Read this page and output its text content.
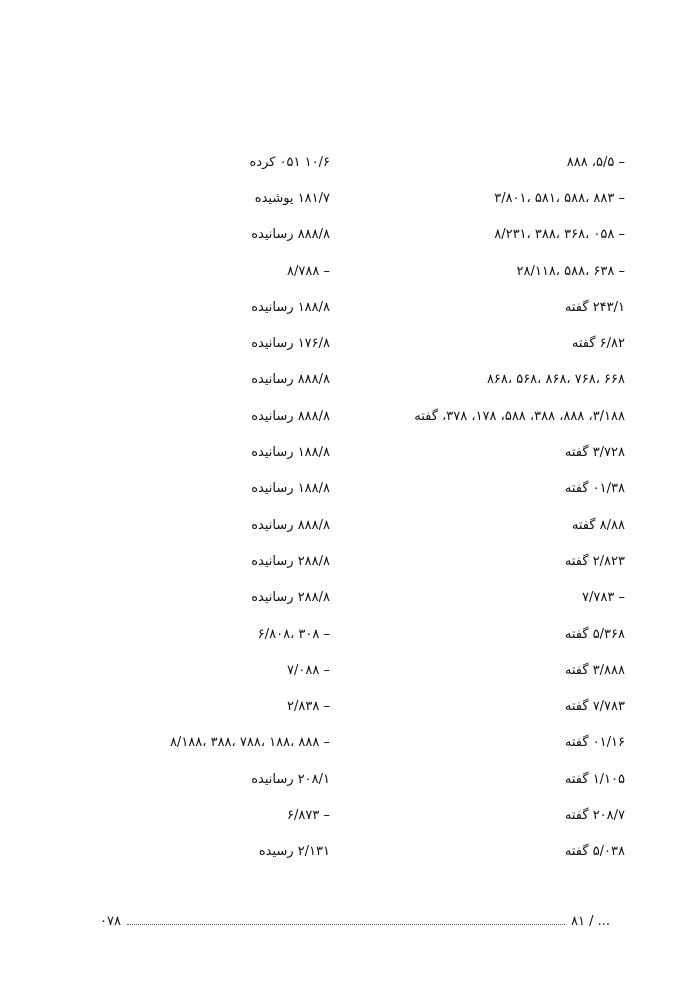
۱۰/۶ ۰۵۱ کرده
۱۸۱/۷ یوشیده
۸۸۸/۸ رسانیده
۸/۷۸۸ –
۱۸۸/۸ رسانیده
۱۷۶/۸ رسانیده
۸۸۸/۸ رسانیده
۸۸۸/۸ رسانیده
۱۸۸/۸ رسانیده
۱۸۸/۸ رسانیده
۸۸۸/۸ رسانیده
۲۸۸/۸ رسانیده
۲۸۸/۸ رسانیده
۶/۸۰۸، ۳۰۸ –
۷/۰۸۸ –
۲/۸۳۸ –
۸/۱۸۸، ۳۸۸، ۷۸۸، ۱۸۸، ۸۸۸ –
۲۰۸/۱ رسانیده
۶/۸۷۳ –
۲/۱۳۱ رسیده
۸۸۸ ،۵/۵ –
۳/۸۰۱، ۵۸۱، ۵۸۸، ۸۸۳ –
۸/۲۳۱، ۳۸۸، ۳۶۸، ۰۵۸ –
۲۸/۱۱۸، ۵۸۸، ۶۳۸ –
۲۴۳/۱ گفته
۶/۸۲ گفته
۸۶۸، ۵۶۸، ۸۶۸، ۷۶۸، ۶۶۸
۳/۱۸۸، ۸۸۸، ۳۸۸، ۵۸۸، ۱۷۸، ۳۷۸، گفته
۳/۷۲۸ گفته
۰۱/۳۸ گفته
۸/۸۸ گفته
۲/۸۲۳ گفته
۷/۷۸۳ –
۵/۳۶۸ گفته
۳/۸۸۸ گفته
۷/۷۸۳ گفته
۰۱/۱۶ گفته
۱/۱۰۵ گفته
۲۰۸/۷ گفته
۵/۰۳۸ گفته
۰۷۸	۸۱ / ...
